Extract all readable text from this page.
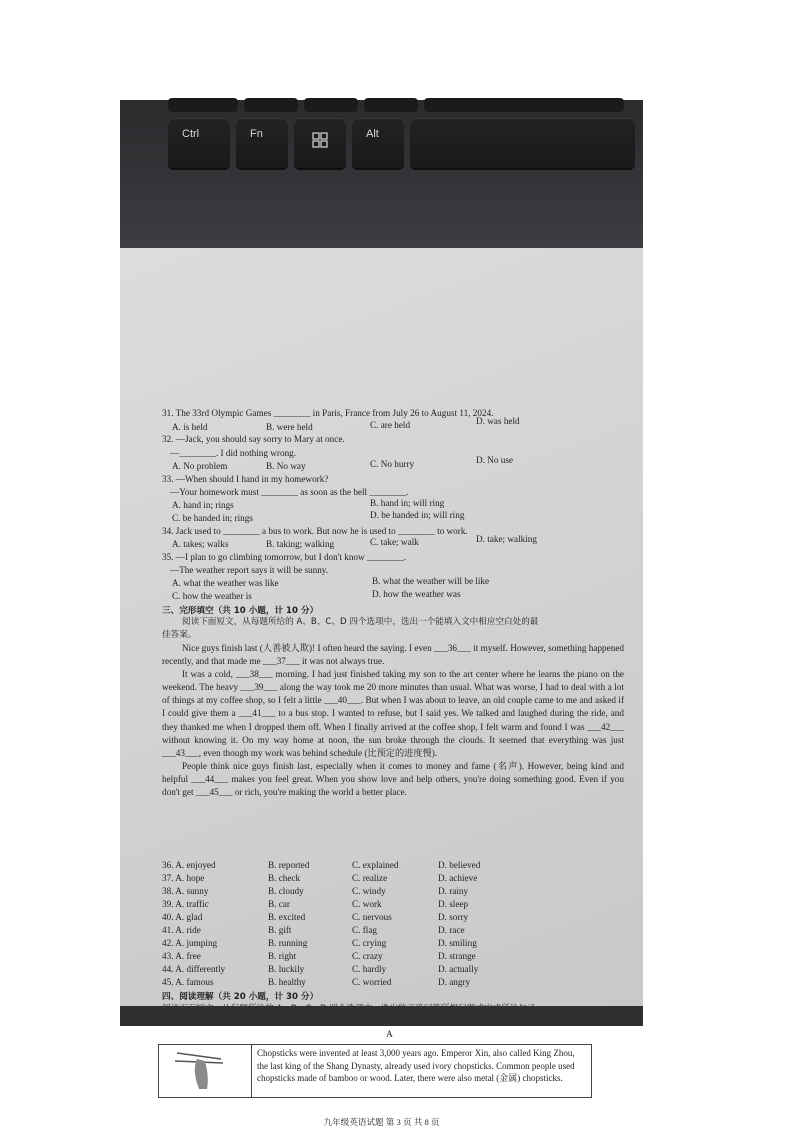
Ctrl	Fn	Alt
31. The 33rd Olympic Games ________ in Paris, France from July 26 to August 11, 2024.
A. is held	B. were held	C. are held	D. was held
32. —Jack, you should say sorry to Mary at once.
—________. I did nothing wrong.
A. No problem	B. No way	C. No hurry	D. No use
33. —When should I hand in my homework?
—Your homework must ________ as soon as the bell ________.
A. hand in; rings	B. hand in; will ring
C. be handed in; rings	D. be handed in; will ring
34. Jack used to ________ a bus to work. But now he is used to ________ to work.
A. takes; walks	B. taking; walking	C. take; walk	D. take; walking
35. —I plan to go climbing tomorrow, but I don't know ________.
—The weather report says it will be sunny.
A. what the weather was like	B. what the weather will be like
C. how the weather is	D. how the weather was
三、完形填空（共 10 小题，计 10 分）
阅读下面短文，从每题所给的 A、B、C、D 四个选项中，选出一个能填入文中相应空白处的最
佳答案。

Nice guys finish last (人善被人欺)! I often heard the saying. I even ___36___ it myself. However, something happened recently, and that made me ___37___ it was not always true.

It was a cold, ___38___ morning. I had just finished taking my son to the art center where he learns the piano on the weekend. The heavy ___39___ along the way took me 20 more minutes than usual. What was worse, I had to deal with a lot of things at my coffee shop, so I felt a little ___40___. But when I was about to leave, an old couple came to me and asked if I could give them a ___41___ to a bus stop. I wanted to refuse, but I said yes. We talked and laughed during the ride, and they thanked me when I dropped them off. When I finally arrived at the coffee shop, I felt warm and found I was ___42___ without knowing it. On my way home at noon, the sun broke through the clouds. It seemed that everything was just ___43___, even though my work was behind schedule (比预定的进度慢).

People think nice guys finish last, especially when it comes to money and fame (名声). However, being kind and helpful ___44___ makes you feel great. When you show love and help others, you're doing something good. Even if you don't get ___45___ or rich, you're making the world a better place.

36. A. enjoyed	B. reported	C. explained	D. believed
37. A. hope	B. check	C. realize	D. achieve
38. A. sunny	B. cloudy	C. windy	D. rainy
39. A. traffic	B. car	C. work	D. sleep
40. A. glad	B. excited	C. nervous	D. sorry
41. A. ride	B. gift	C. flag	D. race
42. A. jumping	B. running	C. crying	D. smiling
43. A. free	B. right	C. crazy	D. strange
44. A. differently	B. luckily	C. hardly	D. actually
45. A. famous	B. healthy	C. worried	D. angry
四、阅读理解（共 20 小题，计 30 分）
A
Chopsticks were invented at least 3,000 years ago. Emperor Xin, also called King Zhou, the last king of the Shang Dynasty, already used ivory chopsticks. Common people used chopsticks made of bamboo or wood. Later, there were also metal (金属) chopsticks.
九年级英语试题 第 3 页 共 8 页
